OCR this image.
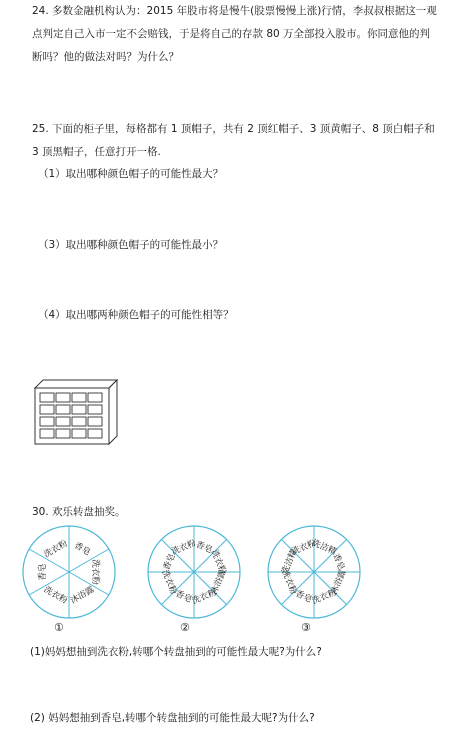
24. 多数金融机构认为：2015 年股市将是慢牛(股票慢慢上涨)行情，李叔叔根据这一观
点判定自己入市一定不会赔钱，于是将自己的存款 80 万全部投入股市。你同意他的判
断吗？他的做法对吗？为什么？
25. 下面的柜子里，每格都有 1 顶帽子，共有 2 顶红帽子、3 顶黄帽子、8 顶白帽子和
3 顶黑帽子，任意打开一格.
（1）取出哪种颜色帽子的可能性最大？
（3）取出哪种颜色帽子的可能性最小？
（4）取出哪两种颜色帽子的可能性相等？
30. 欢乐转盘抽奖。
香皂
洗衣粉
沐浴露
洗衣粉
香皂
洗衣粉	香皂
洗衣粉
沐浴露
洗衣粉
香皂
洗衣粉
香皂
洗衣粉	洗洁精
香皂
沐浴露
洗衣粉
香皂
洗衣粉
洗洁精
洗衣粉
①	②	③
(1)妈妈想抽到洗衣粉,转哪个转盘抽到的可能性最大呢?为什么?
(2) 妈妈想抽到香皂,转哪个转盘抽到的可能性最大呢?为什么?
